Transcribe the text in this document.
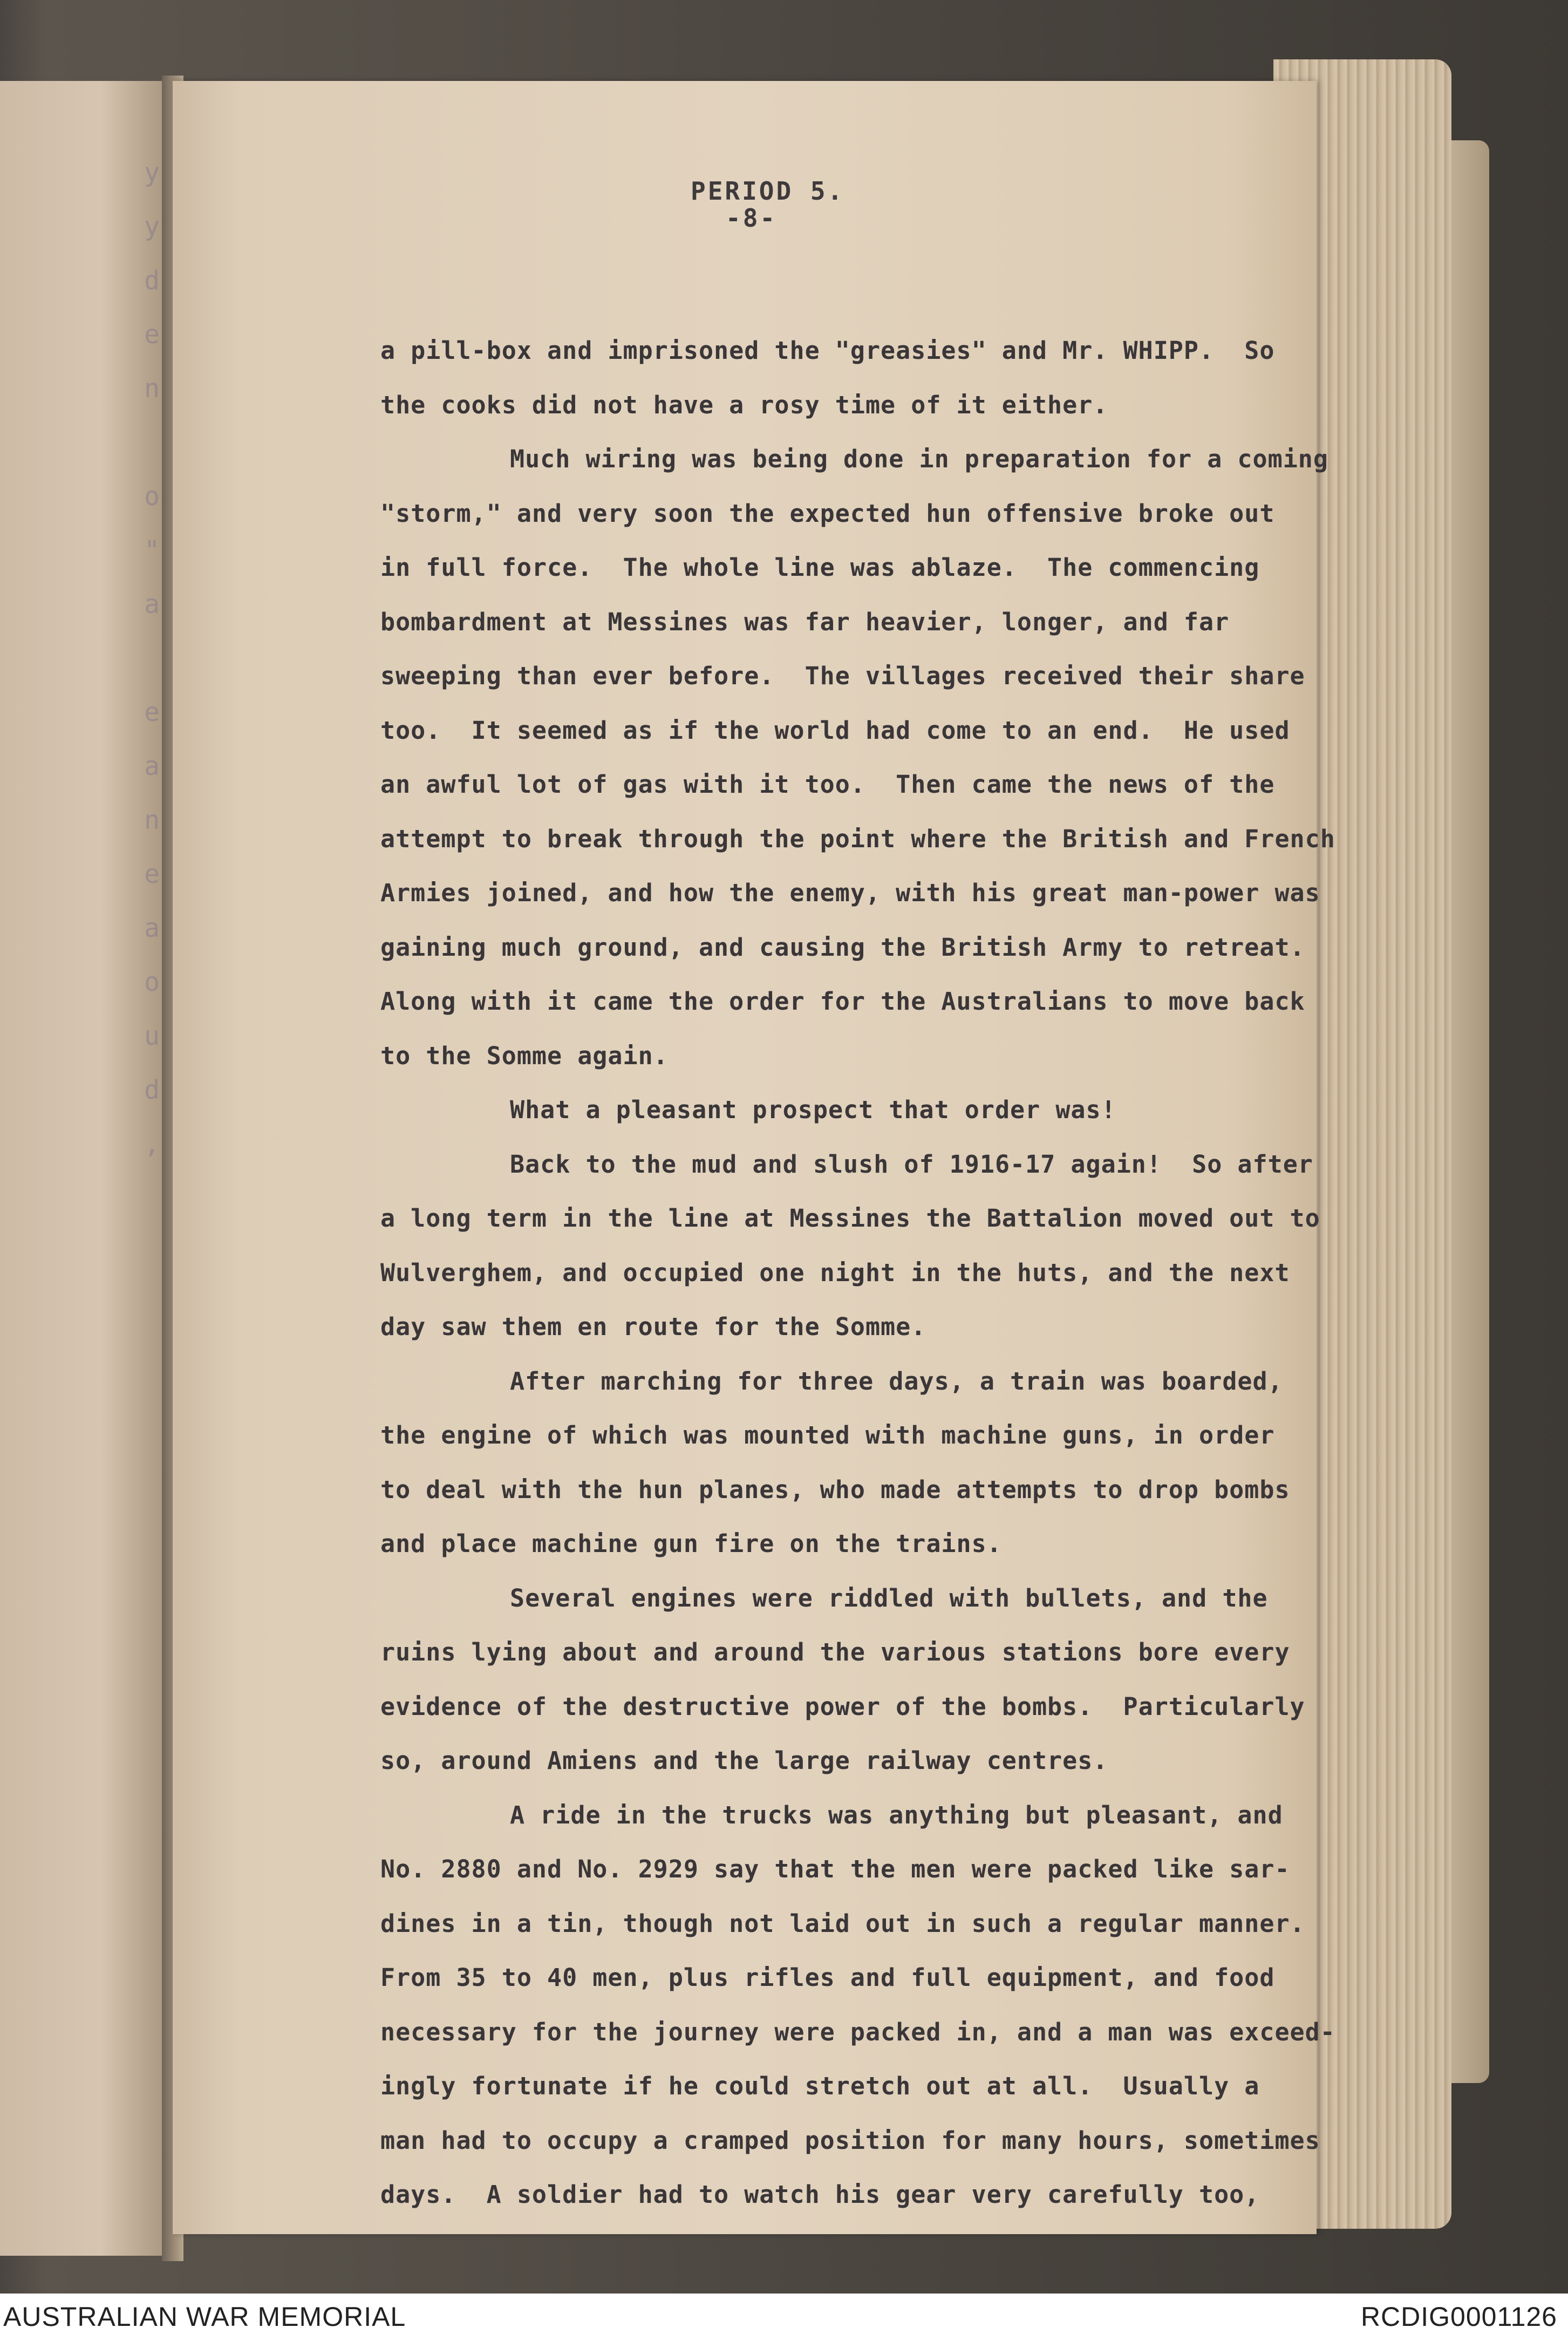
y
y
d
e
n

o
"
a

e
a
n
e
a
o
u
d
,
PERIOD 5.
-8-
a pill-box and imprisoned the "greasies" and Mr. WHIPP.  So
the cooks did not have a rosy time of it either.
Much wiring was being done in preparation for a coming
"storm," and very soon the expected hun offensive broke out
in full force.  The whole line was ablaze.  The commencing
bombardment at Messines was far heavier, longer, and far
sweeping than ever before.  The villages received their share
too.  It seemed as if the world had come to an end.  He used
an awful lot of gas with it too.  Then came the news of the
attempt to break through the point where the British and French
Armies joined, and how the enemy, with his great man-power was
gaining much ground, and causing the British Army to retreat.
Along with it came the order for the Australians to move back
to the Somme again.
What a pleasant prospect that order was!
Back to the mud and slush of 1916-17 again!  So after
a long term in the line at Messines the Battalion moved out to
Wulverghem, and occupied one night in the huts, and the next
day saw them en route for the Somme.
After marching for three days, a train was boarded,
the engine of which was mounted with machine guns, in order
to deal with the hun planes, who made attempts to drop bombs
and place machine gun fire on the trains.
Several engines were riddled with bullets, and the
ruins lying about and around the various stations bore every
evidence of the destructive power of the bombs.  Particularly
so, around Amiens and the large railway centres.
A ride in the trucks was anything but pleasant, and
No. 2880 and No. 2929 say that the men were packed like sar-
dines in a tin, though not laid out in such a regular manner.
From 35 to 40 men, plus rifles and full equipment, and food
necessary for the journey were packed in, and a man was exceed-
ingly fortunate if he could stretch out at all.  Usually a
man had to occupy a cramped position for many hours, sometimes
days.  A soldier had to watch his gear very carefully too,
AUSTRALIAN WAR MEMORIAL	RCDIG0001126
